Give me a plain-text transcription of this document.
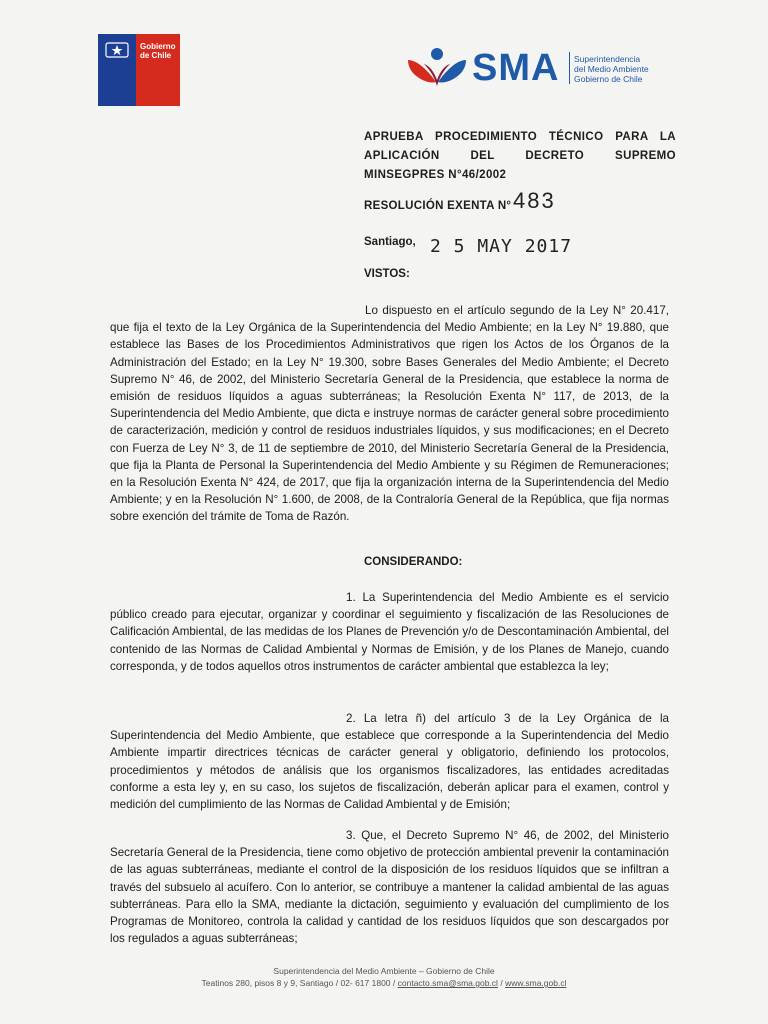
Gobierno
de Chile	SMA Superintendencia
del Medio Ambiente
Gobierno de Chile
APRUEBA PROCEDIMIENTO TÉCNICO PARA LA APLICACIÓN DEL DECRETO SUPREMO MINSEGPRES N°46/2002
RESOLUCIÓN EXENTA N° 483
Santiago, 2 5 MAY 2017
VISTOS:
Lo dispuesto en el artículo segundo de la Ley N° 20.417, que fija el texto de la Ley Orgánica de la Superintendencia del Medio Ambiente; en la Ley N° 19.880, que establece las Bases de los Procedimientos Administrativos que rigen los Actos de los Órganos de la Administración del Estado; en la Ley N° 19.300, sobre Bases Generales del Medio Ambiente; el Decreto Supremo N° 46, de 2002, del Ministerio Secretaría General de la Presidencia, que establece la norma de emisión de residuos líquidos a aguas subterráneas; la Resolución Exenta N° 117, de 2013, de la Superintendencia del Medio Ambiente, que dicta e instruye normas de carácter general sobre procedimiento de caracterización, medición y control de residuos industriales líquidos, y sus modificaciones; en el Decreto con Fuerza de Ley N° 3, de 11 de septiembre de 2010, del Ministerio Secretaría General de la Presidencia, que fija la Planta de Personal la Superintendencia del Medio Ambiente y su Régimen de Remuneraciones; en la Resolución Exenta N° 424, de 2017, que fija la organización interna de la Superintendencia del Medio Ambiente; y en la Resolución N° 1.600, de 2008, de la Contraloría General de la República, que fija normas sobre exención del trámite de Toma de Razón.
CONSIDERANDO:
1. La Superintendencia del Medio Ambiente es el servicio público creado para ejecutar, organizar y coordinar el seguimiento y fiscalización de las Resoluciones de Calificación Ambiental, de las medidas de los Planes de Prevención y/o de Descontaminación Ambiental, del contenido de las Normas de Calidad Ambiental y Normas de Emisión, y de los Planes de Manejo, cuando corresponda, y de todos aquellos otros instrumentos de carácter ambiental que establezca la ley;
2. La letra ñ) del artículo 3 de la Ley Orgánica de la Superintendencia del Medio Ambiente, que establece que corresponde a la Superintendencia del Medio Ambiente impartir directrices técnicas de carácter general y obligatorio, definiendo los protocolos, procedimientos y métodos de análisis que los organismos fiscalizadores, las entidades acreditadas conforme a esta ley y, en su caso, los sujetos de fiscalización, deberán aplicar para el examen, control y medición del cumplimiento de las Normas de Calidad Ambiental y de Emisión;
3. Que, el Decreto Supremo N° 46, de 2002, del Ministerio Secretaría General de la Presidencia, tiene como objetivo de protección ambiental prevenir la contaminación de las aguas subterráneas, mediante el control de la disposición de los residuos líquidos que se infiltran a través del subsuelo al acuífero. Con lo anterior, se contribuye a mantener la calidad ambiental de las aguas subterráneas. Para ello la SMA, mediante la dictación, seguimiento y evaluación del cumplimiento de los Programas de Monitoreo, controla la calidad y cantidad de los residuos líquidos que son descargados por los regulados a aguas subterráneas;
Superintendencia del Medio Ambiente – Gobierno de Chile
Teatinos 280, pisos 8 y 9, Santiago / 02- 617 1800 / contacto.sma@sma.gob.cl / www.sma.gob.cl
